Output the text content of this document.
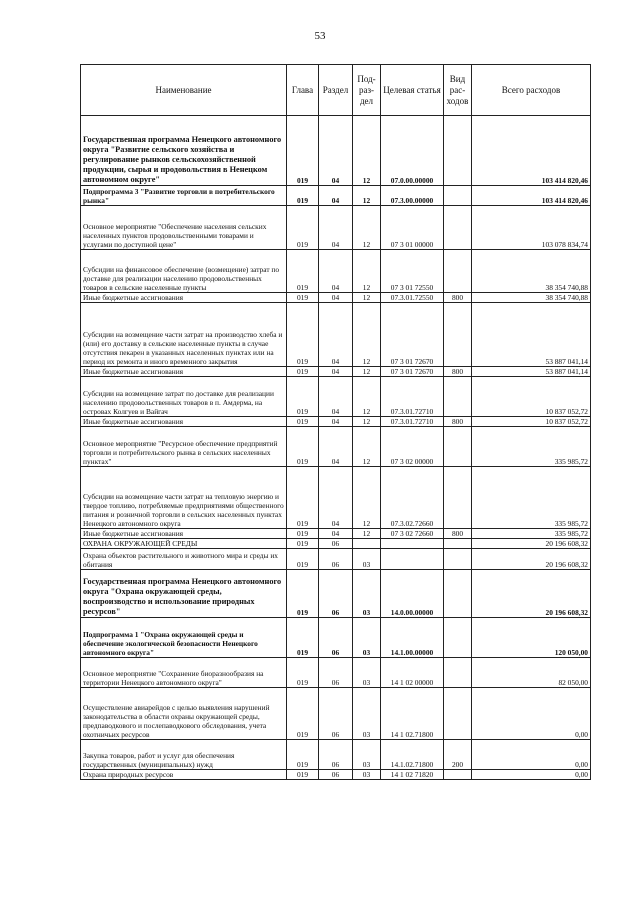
53
Наименование	Глава	Раздел	Под-раз-дел	Целевая статья	Вид рас-ходов	Всего расходов
Государственная программа Ненецкого автономного округа "Развитие сельского хозяйства и регулирование рынков сельскохозяйственной продукции, сырья и продовольствия в Ненецком автономном округе"	019	04	12	07.0.00.00000		103 414 820,46
Подпрограмма 3 "Развитие торговли в потребительского рынка"	019	04	12	07.3.00.00000		103 414 820,46
Основное мероприятие "Обеспечение населения сельских населенных пунктов продовольственными товарами и услугами по доступной цене"	019	04	12	07 3 01 00000		103 078 834,74
Субсидии на финансовое обеспечение (возмещение) затрат по доставке для реализации населению продовольственных товаров в сельские населенные пункты	019	04	12	07 3 01 72550		38 354 740,88
Иные бюджетные ассигнования	019	04	12	07.3.01.72550	800	38 354 740,88
Субсидии на возмещение части затрат на производство хлеба и (или) его доставку в сельские населенные пункты в случае отсутствия пекарен в указанных населенных пунктах или на период их ремонта и иного временного закрытия	019	04	12	07 3 01 72670		53 887 041,14
Иные бюджетные ассигнования	019	04	12	07 3 01 72670	800	53 887 041,14
Субсидии на возмещение затрат по доставке для реализации населению продовольственных товаров в п. Амдерма, на островах Колгуев и Вайгач	019	04	12	07.3.01.72710		10 837 052,72
Иные бюджетные ассигнования	019	04	12	07.3.01.72710	800	10 837 052,72
Основное мероприятие "Ресурсное обеспечение предприятий торговли и потребительского рынка в сельских населенных пунктах"	019	04	12	07 3 02 00000		335 985,72
Субсидии на возмещение части затрат на тепловую энергию и твердое топливо, потребляемые предприятиями общественного питания и розничной торговли в сельских населенных пунктах Ненецкого автономного округа	019	04	12	07.3.02.72660		335 985,72
Иные бюджетные ассигнования	019	04	12	07 3 02 72660	800	335 985,72
ОХРАНА ОКРУЖАЮЩЕЙ СРЕДЫ	019	06				20 196 608,32
Охрана объектов растительного и животного мира и среды их обитания	019	06	03			20 196 608,32
Государственная программа Ненецкого автономного округа "Охрана окружающей среды, воспроизводство и использование природных ресурсов"	019	06	03	14.0.00.00000		20 196 608,32
Подпрограмма 1 "Охрана окружающей среды и обеспечение экологической безопасности Ненецкого автономного округа"	019	06	03	14.1.00.00000		120 050,00
Основное мероприятие "Сохранение биоразнообразия на территории Ненецкого автономного округа"	019	06	03	14 1 02 00000		82 050,00
Осуществление авиарейдов с целью выявления нарушений законодательства в области охраны окружающей среды, предпаводкового и послепаводкового обследования, учета охотничьих ресурсов	019	06	03	14 1 02.71800		0,00
Закупка товаров, работ и услуг для обеспечения государственных (муниципальных) нужд	019	06	03	14.1.02.71800	200	0,00
Охрана природных ресурсов	019	06	03	14 1 02 71820		0,00
